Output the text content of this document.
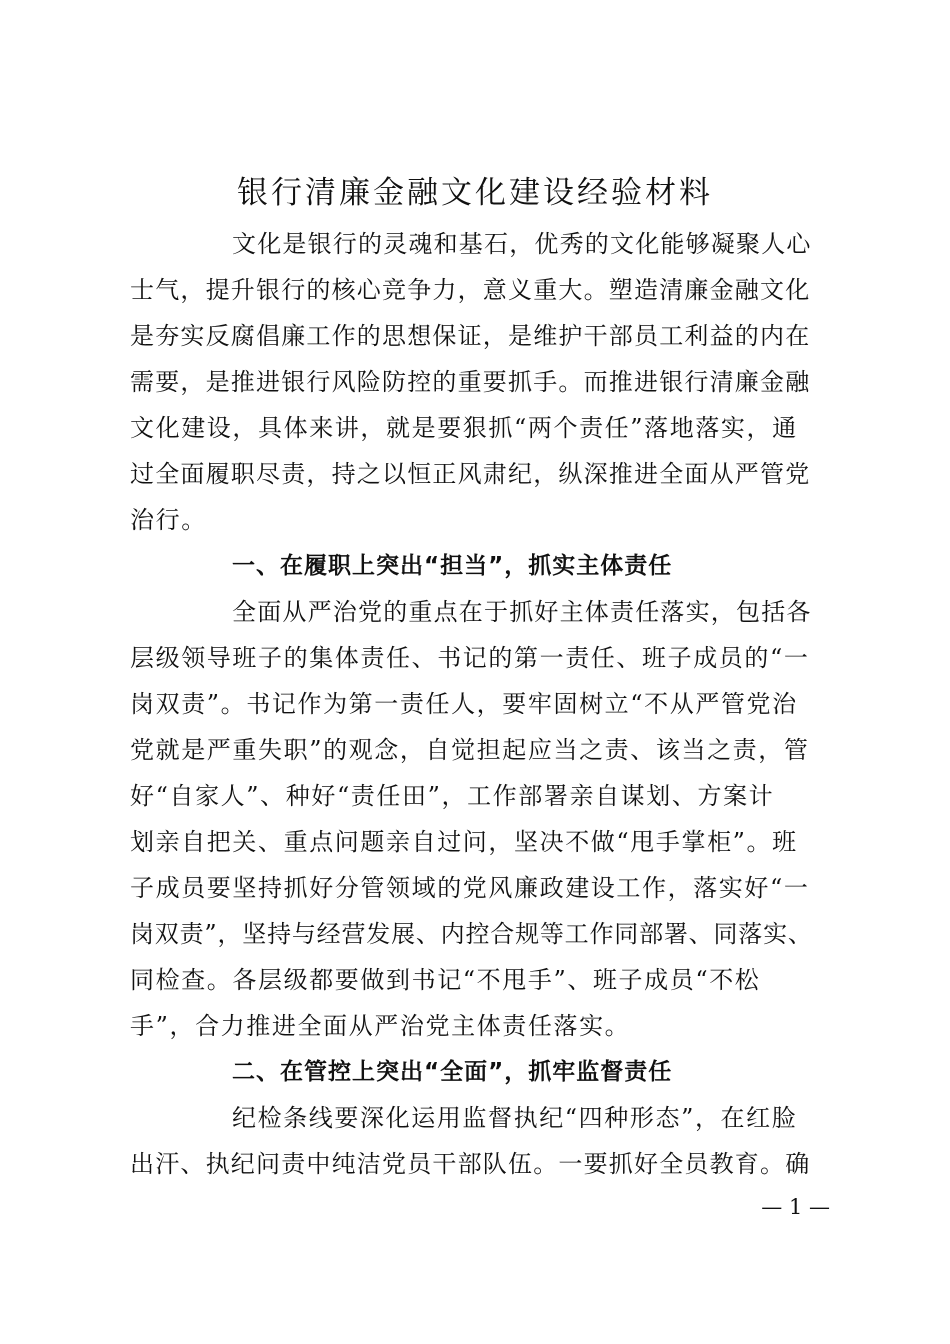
银行清廉金融文化建设经验材料
文化是银行的灵魂和基石，优秀的文化能够凝聚人心
士气，提升银行的核心竞争力，意义重大。塑造清廉金融文化
是夯实反腐倡廉工作的思想保证，是维护干部员工利益的内在
需要，是推进银行风险防控的重要抓手。而推进银行清廉金融
文化建设，具体来讲，就是要狠抓“两个责任”落地落实，通
过全面履职尽责，持之以恒正风肃纪，纵深推进全面从严管党
治行。
一、在履职上突出“担当”，抓实主体责任
全面从严治党的重点在于抓好主体责任落实，包括各
层级领导班子的集体责任、书记的第一责任、班子成员的“一
岗双责”。书记作为第一责任人，要牢固树立“不从严管党治
党就是严重失职”的观念，自觉担起应当之责、该当之责，管
好“自家人”、种好“责任田”，工作部署亲自谋划、方案计
划亲自把关、重点问题亲自过问，坚决不做“甩手掌柜”。班
子成员要坚持抓好分管领域的党风廉政建设工作，落实好“一
岗双责”，坚持与经营发展、内控合规等工作同部署、同落实、
同检查。各层级都要做到书记“不甩手”、班子成员“不松
手”，合力推进全面从严治党主体责任落实。
二、在管控上突出“全面”，抓牢监督责任
纪检条线要深化运用监督执纪“四种形态”，在红脸
出汗、执纪问责中纯洁党员干部队伍。一要抓好全员教育。确
— 1 —
